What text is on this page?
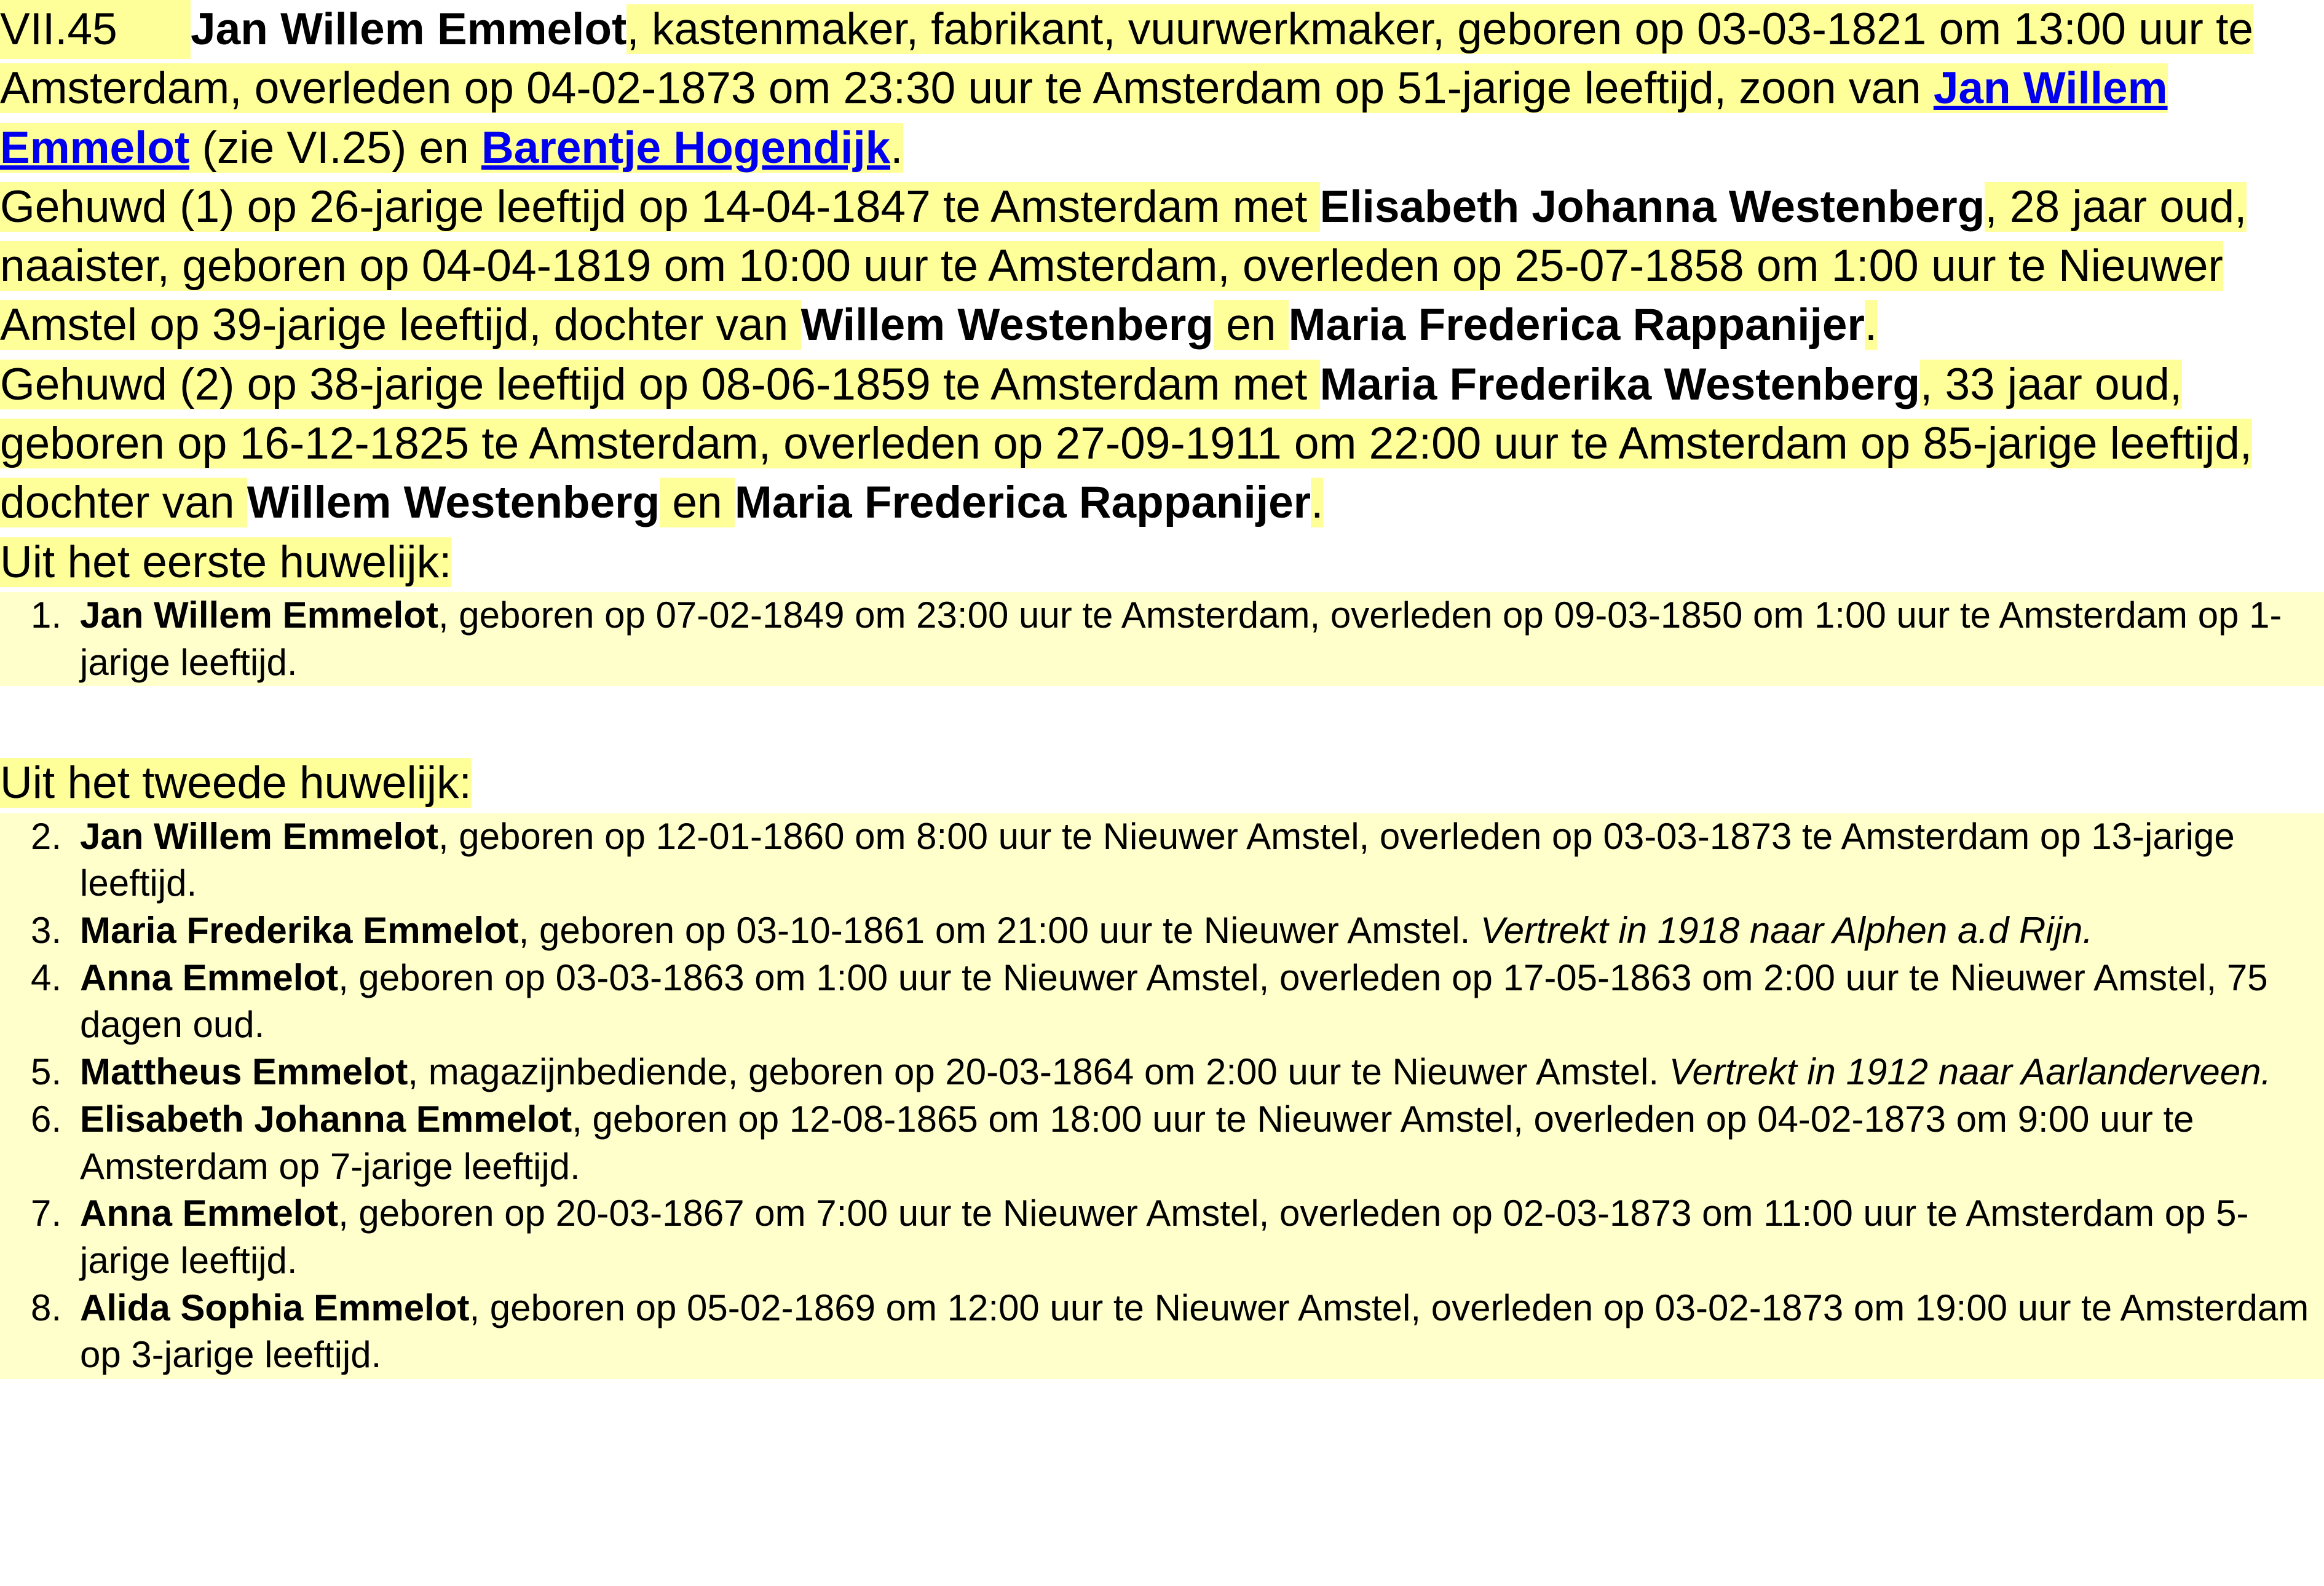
VII.45 Jan Willem Emmelot, kastenmaker, fabrikant, vuurwerkmaker, geboren op 03-03-1821 om 13:00 uur te Amsterdam, overleden op 04-02-1873 om 23:30 uur te Amsterdam op 51-jarige leeftijd, zoon van Jan Willem Emmelot (zie VI.25) en Barentje Hogendijk.

Gehuwd (1) op 26-jarige leeftijd op 14-04-1847 te Amsterdam met Elisabeth Johanna Westenberg, 28 jaar oud, naaister, geboren op 04-04-1819 om 10:00 uur te Amsterdam, overleden op 25-07-1858 om 1:00 uur te Nieuwer Amstel op 39-jarige leeftijd, dochter van Willem Westenberg en Maria Frederica Rappanijer.

Gehuwd (2) op 38-jarige leeftijd op 08-06-1859 te Amsterdam met Maria Frederika Westenberg, 33 jaar oud, geboren op 16-12-1825 te Amsterdam, overleden op 27-09-1911 om 22:00 uur te Amsterdam op 85-jarige leeftijd, dochter van Willem Westenberg en Maria Frederica Rappanijer.

Uit het eerste huwelijk:

1. Jan Willem Emmelot, geboren op 07-02-1849 om 23:00 uur te Amsterdam, overleden op 09-03-1850 om 1:00 uur te Amsterdam op 1-jarige leeftijd.

Uit het tweede huwelijk:

2. Jan Willem Emmelot, geboren op 12-01-1860 om 8:00 uur te Nieuwer Amstel, overleden op 03-03-1873 te Amsterdam op 13-jarige leeftijd.
3. Maria Frederika Emmelot, geboren op 03-10-1861 om 21:00 uur te Nieuwer Amstel. Vertrekt in 1918 naar Alphen a.d Rijn.
4. Anna Emmelot, geboren op 03-03-1863 om 1:00 uur te Nieuwer Amstel, overleden op 17-05-1863 om 2:00 uur te Nieuwer Amstel, 75 dagen oud.
5. Mattheus Emmelot, magazijnbediende, geboren op 20-03-1864 om 2:00 uur te Nieuwer Amstel. Vertrekt in 1912 naar Aarlanderveen.
6. Elisabeth Johanna Emmelot, geboren op 12-08-1865 om 18:00 uur te Nieuwer Amstel, overleden op 04-02-1873 om 9:00 uur te Amsterdam op 7-jarige leeftijd.
7. Anna Emmelot, geboren op 20-03-1867 om 7:00 uur te Nieuwer Amstel, overleden op 02-03-1873 om 11:00 uur te Amsterdam op 5-jarige leeftijd.
8. Alida Sophia Emmelot, geboren op 05-02-1869 om 12:00 uur te Nieuwer Amstel, overleden op 03-02-1873 om 19:00 uur te Amsterdam op 3-jarige leeftijd.
